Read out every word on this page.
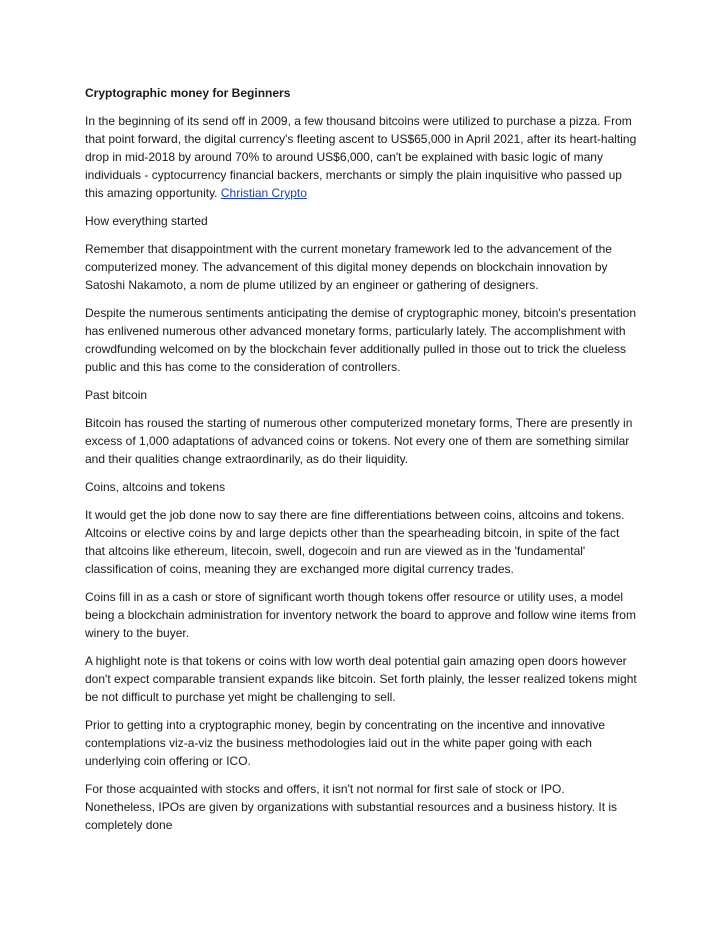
Cryptographic money for Beginners

In the beginning of its send off in 2009, a few thousand bitcoins were utilized to purchase a pizza. From that point forward, the digital currency's fleeting ascent to US$65,000 in April 2021, after its heart-halting drop in mid-2018 by around 70% to around US$6,000, can't be explained with basic logic of many individuals - cyptocurrency financial backers, merchants or simply the plain inquisitive who passed up this amazing opportunity. Christian Crypto

How everything started

Remember that disappointment with the current monetary framework led to the advancement of the computerized money. The advancement of this digital money depends on blockchain innovation by Satoshi Nakamoto, a nom de plume utilized by an engineer or gathering of designers.

Despite the numerous sentiments anticipating the demise of cryptographic money, bitcoin's presentation has enlivened numerous other advanced monetary forms, particularly lately. The accomplishment with crowdfunding welcomed on by the blockchain fever additionally pulled in those out to trick the clueless public and this has come to the consideration of controllers.

Past bitcoin

Bitcoin has roused the starting of numerous other computerized monetary forms, There are presently in excess of 1,000 adaptations of advanced coins or tokens. Not every one of them are something similar and their qualities change extraordinarily, as do their liquidity.

Coins, altcoins and tokens

It would get the job done now to say there are fine differentiations between coins, altcoins and tokens. Altcoins or elective coins by and large depicts other than the spearheading bitcoin, in spite of the fact that altcoins like ethereum, litecoin, swell, dogecoin and run are viewed as in the 'fundamental' classification of coins, meaning they are exchanged more digital currency trades.

Coins fill in as a cash or store of significant worth though tokens offer resource or utility uses, a model being a blockchain administration for inventory network the board to approve and follow wine items from winery to the buyer.

A highlight note is that tokens or coins with low worth deal potential gain amazing open doors however don't expect comparable transient expands like bitcoin. Set forth plainly, the lesser realized tokens might be not difficult to purchase yet might be challenging to sell.

Prior to getting into a cryptographic money, begin by concentrating on the incentive and innovative contemplations viz-a-viz the business methodologies laid out in the white paper going with each underlying coin offering or ICO.

For those acquainted with stocks and offers, it isn't not normal for first sale of stock or IPO. Nonetheless, IPOs are given by organizations with substantial resources and a business history. It is completely done
